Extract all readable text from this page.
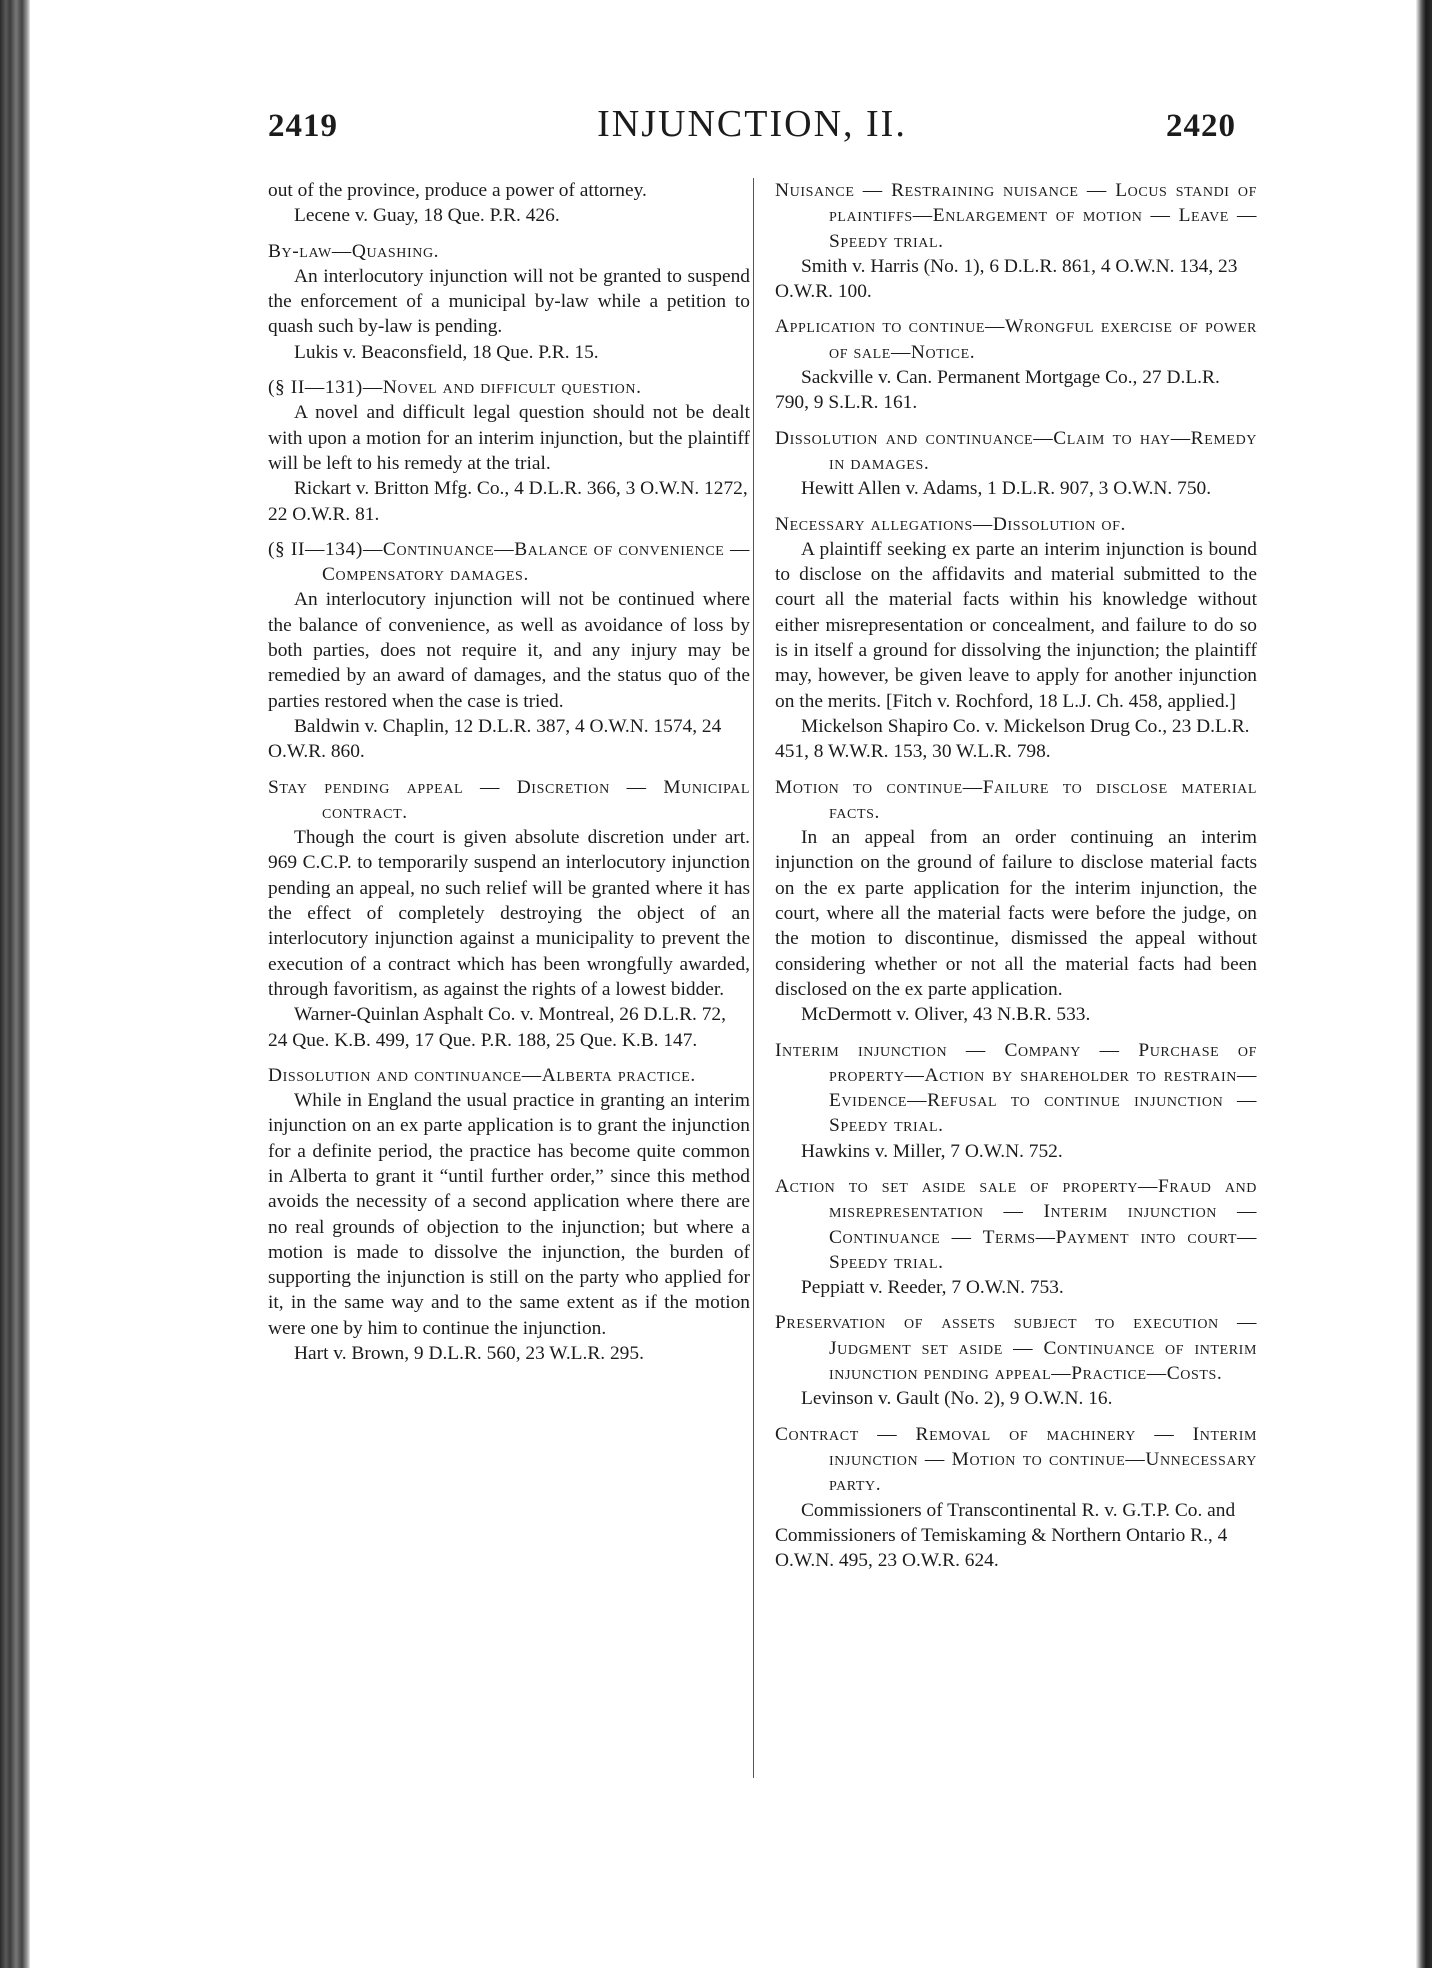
2419	INJUNCTION, II.	2420

out of the province, produce a power of attorney.

Lecene v. Guay, 18 Que. P.R. 426.

By-law—Quashing.

An interlocutory injunction will not be granted to suspend the enforcement of a municipal by-law while a petition to quash such by-law is pending.

Lukis v. Beaconsfield, 18 Que. P.R. 15.

(§ II—131)—Novel and difficult question.

A novel and difficult legal question should not be dealt with upon a motion for an interim injunction, but the plaintiff will be left to his remedy at the trial.

Rickart v. Britton Mfg. Co., 4 D.L.R. 366, 3 O.W.N. 1272, 22 O.W.R. 81.

(§ II—134)—Continuance—Balance of convenience — Compensatory damages.

An interlocutory injunction will not be continued where the balance of convenience, as well as avoidance of loss by both parties, does not require it, and any injury may be remedied by an award of damages, and the status quo of the parties restored when the case is tried.

Baldwin v. Chaplin, 12 D.L.R. 387, 4 O.W.N. 1574, 24 O.W.R. 860.

Stay pending appeal — Discretion — Municipal contract.

Though the court is given absolute discretion under art. 969 C.C.P. to temporarily suspend an interlocutory injunction pending an appeal, no such relief will be granted where it has the effect of completely destroying the object of an interlocutory injunction against a municipality to prevent the execution of a contract which has been wrongfully awarded, through favoritism, as against the rights of a lowest bidder.

Warner-Quinlan Asphalt Co. v. Montreal, 26 D.L.R. 72, 24 Que. K.B. 499, 17 Que. P.R. 188, 25 Que. K.B. 147.

Dissolution and continuance—Alberta practice.

While in England the usual practice in granting an interim injunction on an ex parte application is to grant the injunction for a definite period, the practice has become quite common in Alberta to grant it “until further order,” since this method avoids the necessity of a second application where there are no real grounds of objection to the injunction; but where a motion is made to dissolve the injunction, the burden of supporting the injunction is still on the party who applied for it, in the same way and to the same extent as if the motion were one by him to continue the injunction.

Hart v. Brown, 9 D.L.R. 560, 23 W.L.R. 295.

Nuisance — Restraining nuisance — Locus standi of plaintiffs—Enlargement of motion — Leave — Speedy trial.

Smith v. Harris (No. 1), 6 D.L.R. 861, 4 O.W.N. 134, 23 O.W.R. 100.

Application to continue—Wrongful exercise of power of sale—Notice.

Sackville v. Can. Permanent Mortgage Co., 27 D.L.R. 790, 9 S.L.R. 161.

Dissolution and continuance—Claim to hay—Remedy in damages.

Hewitt Allen v. Adams, 1 D.L.R. 907, 3 O.W.N. 750.

Necessary allegations—Dissolution of.

A plaintiff seeking ex parte an interim injunction is bound to disclose on the affidavits and material submitted to the court all the material facts within his knowledge without either misrepresentation or concealment, and failure to do so is in itself a ground for dissolving the injunction; the plaintiff may, however, be given leave to apply for another injunction on the merits. [Fitch v. Rochford, 18 L.J. Ch. 458, applied.]

Mickelson Shapiro Co. v. Mickelson Drug Co., 23 D.L.R. 451, 8 W.W.R. 153, 30 W.L.R. 798.

Motion to continue—Failure to disclose material facts.

In an appeal from an order continuing an interim injunction on the ground of failure to disclose material facts on the ex parte application for the interim injunction, the court, where all the material facts were before the judge, on the motion to discontinue, dismissed the appeal without considering whether or not all the material facts had been disclosed on the ex parte application.

McDermott v. Oliver, 43 N.B.R. 533.

Interim injunction — Company — Purchase of property—Action by shareholder to restrain—Evidence—Refusal to continue injunction — Speedy trial.

Hawkins v. Miller, 7 O.W.N. 752.

Action to set aside sale of property—Fraud and misrepresentation — Interim injunction — Continuance — Terms—Payment into court—Speedy trial.

Peppiatt v. Reeder, 7 O.W.N. 753.

Preservation of assets subject to execution — Judgment set aside — Continuance of interim injunction pending appeal—Practice—Costs.

Levinson v. Gault (No. 2), 9 O.W.N. 16.

Contract — Removal of machinery — Interim injunction — Motion to continue—Unnecessary party.

Commissioners of Transcontinental R. v. G.T.P. Co. and Commissioners of Temiskaming & Northern Ontario R., 4 O.W.N. 495, 23 O.W.R. 624.
